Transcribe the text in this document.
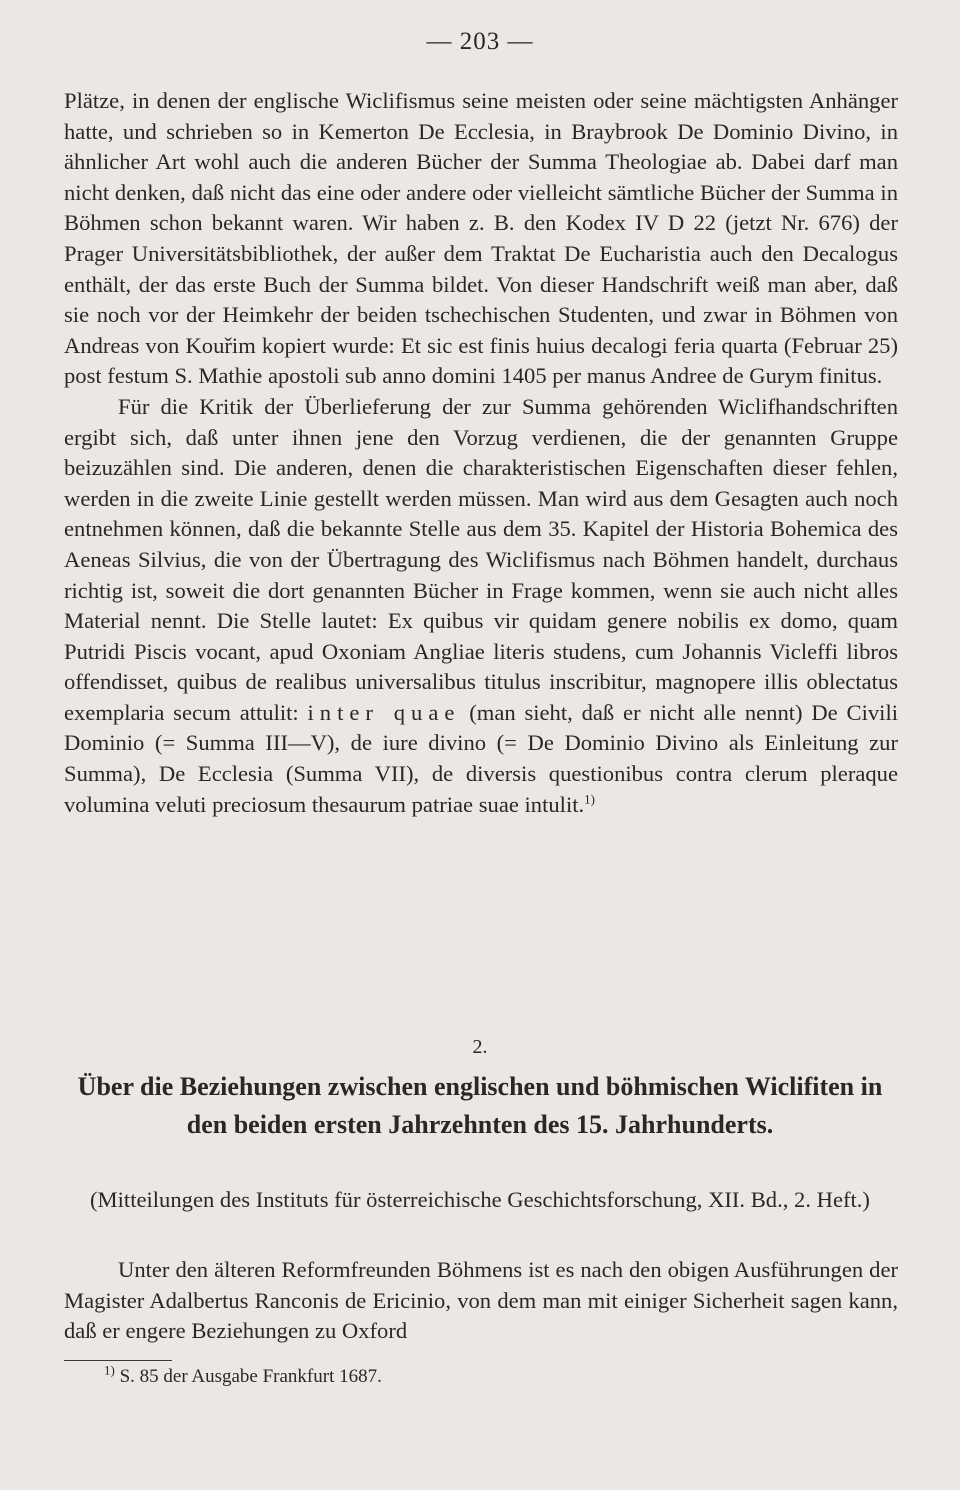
— 203 —

Plätze, in denen der englische Wiclifismus seine meisten oder seine mächtigsten Anhänger hatte, und schrieben so in Kemerton De Ecclesia, in Braybrook De Dominio Divino, in ähnlicher Art wohl auch die anderen Bücher der Summa Theologiae ab. Dabei darf man nicht denken, daß nicht das eine oder andere oder vielleicht sämtliche Bücher der Summa in Böhmen schon bekannt waren. Wir haben z. B. den Kodex IV D 22 (jetzt Nr. 676) der Prager Universitätsbibliothek, der außer dem Traktat De Eucharistia auch den Decalogus enthält, der das erste Buch der Summa bildet. Von dieser Handschrift weiß man aber, daß sie noch vor der Heimkehr der beiden tschechischen Studenten, und zwar in Böhmen von Andreas von Kouřim kopiert wurde: Et sic est finis huius decalogi feria quarta (Februar 25) post festum S. Mathie apostoli sub anno domini 1405 per manus Andree de Gurym finitus.

Für die Kritik der Überlieferung der zur Summa gehörenden Wiclifhandschriften ergibt sich, daß unter ihnen jene den Vorzug verdienen, die der genannten Gruppe beizuzählen sind. Die anderen, denen die charakteristischen Eigenschaften dieser fehlen, werden in die zweite Linie gestellt werden müssen. Man wird aus dem Gesagten auch noch entnehmen können, daß die bekannte Stelle aus dem 35. Kapitel der Historia Bohemica des Aeneas Silvius, die von der Übertragung des Wiclifismus nach Böhmen handelt, durchaus richtig ist, soweit die dort genannten Bücher in Frage kommen, wenn sie auch nicht alles Material nennt. Die Stelle lautet: Ex quibus vir quidam genere nobilis ex domo, quam Putridi Piscis vocant, apud Oxoniam Angliae literis studens, cum Johannis Vicleffi libros offendisset, quibus de realibus universalibus titulus inscribitur, magnopere illis oblectatus exemplaria secum attulit: inter quae (man sieht, daß er nicht alle nennt) De Civili Dominio (= Summa III—V), de iure divino (= De Dominio Divino als Einleitung zur Summa), De Ecclesia (Summa VII), de diversis questionibus contra clerum pleraque volumina veluti preciosum thesaurum patriae suae intulit.$^{1)}$

2.
Über die Beziehungen zwischen englischen und böhmischen Wiclifiten in den beiden ersten Jahrzehnten des 15. Jahrhunderts.
(Mitteilungen des Instituts für österreichische Geschichtsforschung, XII. Bd., 2. Heft.)

Unter den älteren Reformfreunden Böhmens ist es nach den obigen Ausführungen der Magister Adalbertus Ranconis de Ericinio, von dem man mit einiger Sicherheit sagen kann, daß er engere Beziehungen zu Oxford

$^{1)}$ S. 85 der Ausgabe Frankfurt 1687.
